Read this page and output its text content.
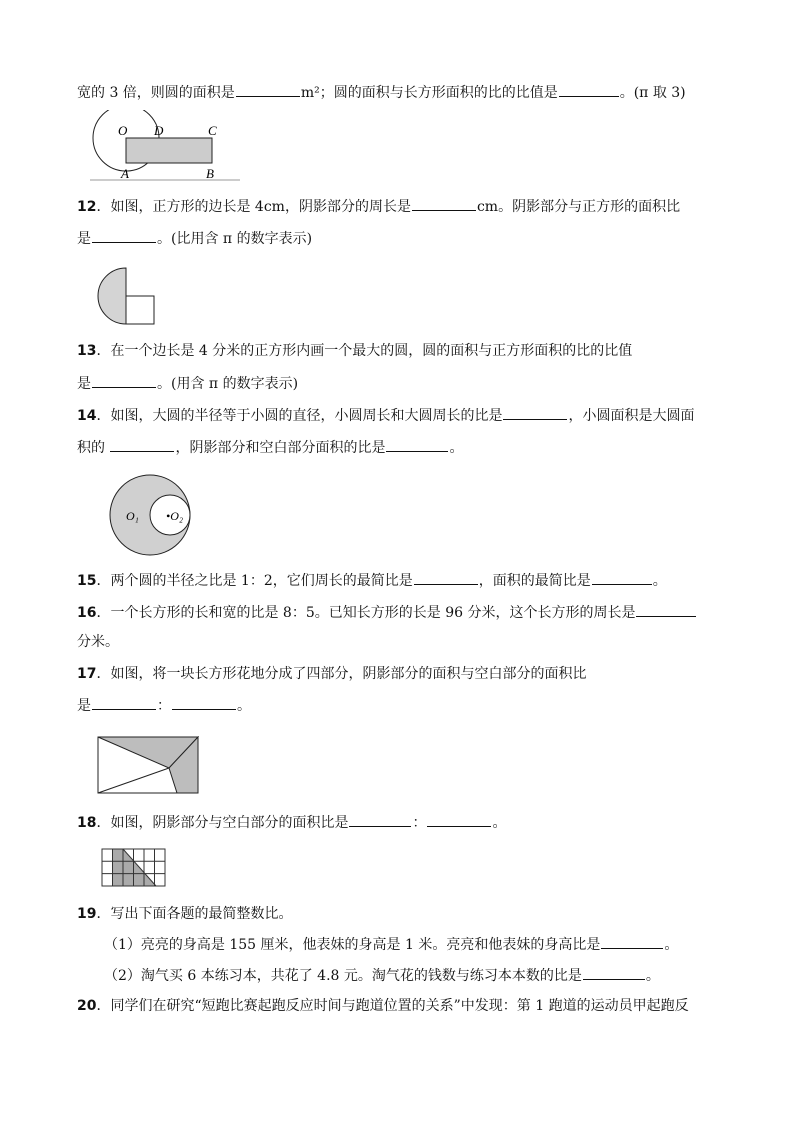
宽的 3 倍，则圆的面积是	m²；圆的面积与长方形面积的比的比值是	。(π 取 3)
O D	C
A	B
12．如图，正方形的边长是 4cm，阴影部分的周长是	cm。阴影部分与正方形的面积比
是	。(比用含 π 的数字表示)
13．在一个边长是 4 分米的正方形内画一个最大的圆，圆的面积与正方形面积的比的比值
是	。(用含 π 的数字表示)
14．如图，大圆的半径等于小圆的直径，小圆周长和大圆周长的比是	，小圆面积是大圆面
积的	，阴影部分和空白部分面积的比是	。
O₁ •O₂
15．两个圆的半径之比是 1：2，它们周长的最简比是	，面积的最简比是	。
16．一个长方形的长和宽的比是 8：5。已知长方形的长是 96 分米，这个长方形的周长是
分米。
17．如图，将一块长方形花地分成了四部分，阴影部分的面积与空白部分的面积比
是	：	。
18．如图，阴影部分与空白部分的面积比是	：	。
19．写出下面各题的最简整数比。
（1）亮亮的身高是 155 厘米，他表妹的身高是 1 米。亮亮和他表妹的身高比是	。
（2）淘气买 6 本练习本，共花了 4.8 元。淘气花的钱数与练习本本数的比是	。
20．同学们在研究“短跑比赛起跑反应时间与跑道位置的关系”中发现：第 1 跑道的运动员甲起跑反
